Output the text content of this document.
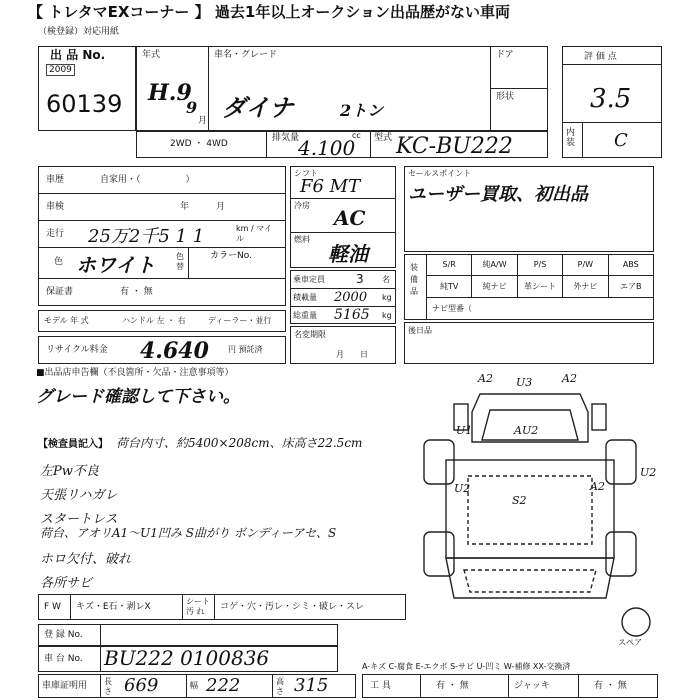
【 トレタマEXコーナー 】 過去1年以上オークション出品歴がない車両
（検登録）対応用紙
出 品 No.
2009
60139
年式
H.9
9
月
車名・グレード
ダイナ	2トン
ドア
形状
評 価 点
3.5
内装 C
2WD ・ 4WD
排気量
4.100
cc 型式 KC-BU222
車歴	自家用・（　　　　　）
車検	年　　　月
走行 25万2千5 1 1	km / マイル
色 ホワイト	色替
カラーNo.
保証書	有 ・ 無
モデル 年 式	ハンドル 左 ・ 右	ディーラー・並行
リサイクル料金 4.640 円 預託済
シフト
F6 MT
冷房
AC
燃料
軽油
乗車定員	3 名
積載量 2000 kg
総重量 5165 kg
名変期限
月　　日
セールスポイント
ユーザー買取、初出品
装備品
S/R	純A/W	P/S	P/W	ABS
純TV	純ナビ	革シート	外ナビ	エアB
ナビ型番（
後日品
■出品店申告欄（不良箇所・欠品・注意事項等）
グレード確認して下さい。
【検査員記入】 荷台内寸、約5400×208cm、床高さ22.5cm
左Pw不良
天張リハガレ
スタートレス
荷台、アオリA1～U1凹み S曲がり ボンディーアセ、S
ホロ欠付、破れ
各所サビ
A2 U3	A2
U1	AU2
A2
U2
S2
U2
スペア
F W キズ・E石・剥レX
シート 汚 れ	コゲ・穴・汚レ・シミ・破レ・スレ
登 録 No.
車 台 No. BU222 0100836	A-キズ C-腐食 E-エクボ S-サビ U-凹ミ W-補修 XX-交換済
車庫証明用 長さ 669	幅 222	高さ 315	工 具	有 ・ 無	ジャッキ	有 ・ 無
